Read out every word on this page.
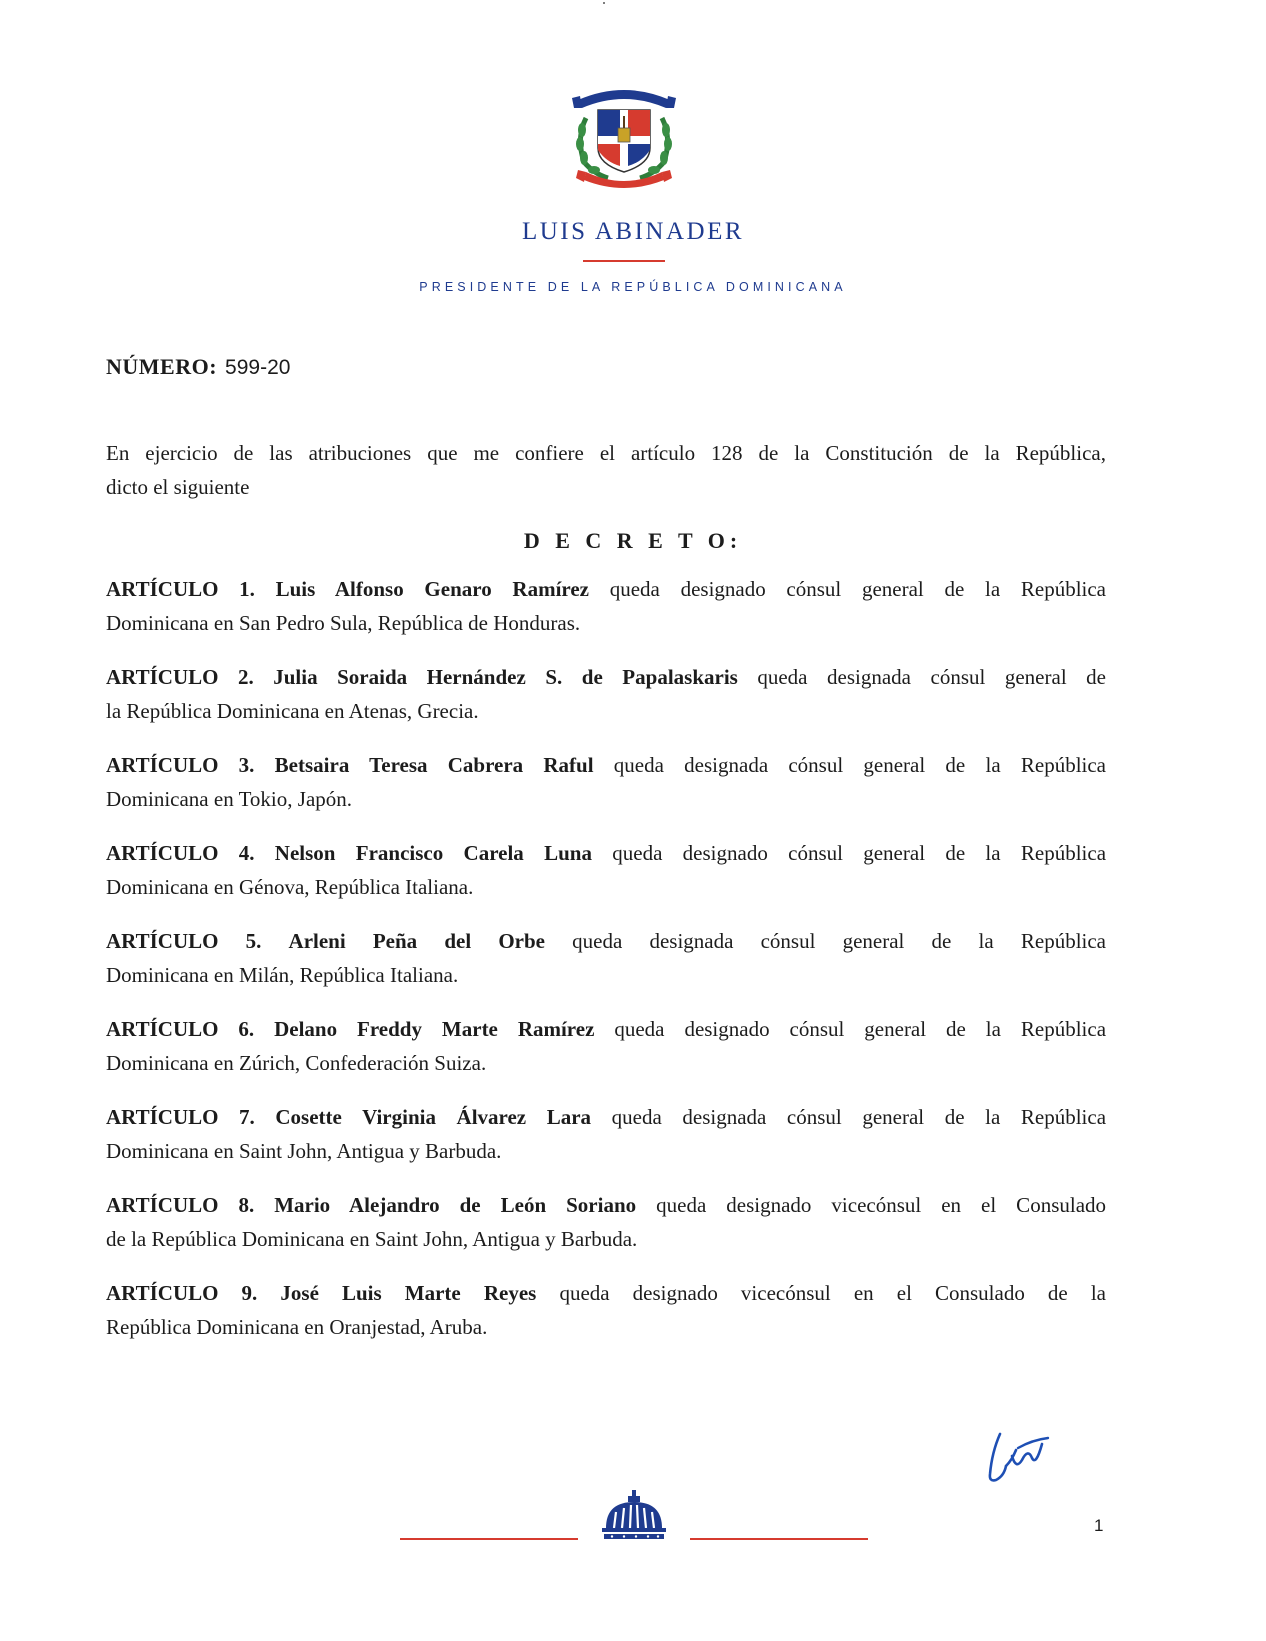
LUIS ABINADER
PRESIDENTE DE LA REPÚBLICA DOMINICANA
NÚMERO: 599-20
En ejercicio de las atribuciones que me confiere el artículo 128 de la Constitución de la República,
dicto el siguiente
D E C R E T O:
ARTÍCULO 1. Luis Alfonso Genaro Ramírez queda designado cónsul general de la República
Dominicana en San Pedro Sula, República de Honduras.
ARTÍCULO 2. Julia Soraida Hernández S. de Papalaskaris queda designada cónsul general de
la República Dominicana en Atenas, Grecia.
ARTÍCULO 3. Betsaira Teresa Cabrera Raful queda designada cónsul general de la República
Dominicana en Tokio, Japón.
ARTÍCULO 4. Nelson Francisco Carela Luna queda designado cónsul general de la República
Dominicana en Génova, República Italiana.
ARTÍCULO 5. Arleni Peña del Orbe queda designada cónsul general de la República
Dominicana en Milán, República Italiana.
ARTÍCULO 6. Delano Freddy Marte Ramírez queda designado cónsul general de la República
Dominicana en Zúrich, Confederación Suiza.
ARTÍCULO 7. Cosette Virginia Álvarez Lara queda designada cónsul general de la República
Dominicana en Saint John, Antigua y Barbuda.
ARTÍCULO 8. Mario Alejandro de León Soriano queda designado vicecónsul en el Consulado
de la República Dominicana en Saint John, Antigua y Barbuda.
ARTÍCULO 9. José Luis Marte Reyes queda designado vicecónsul en el Consulado de la
República Dominicana en Oranjestad, Aruba.
1
